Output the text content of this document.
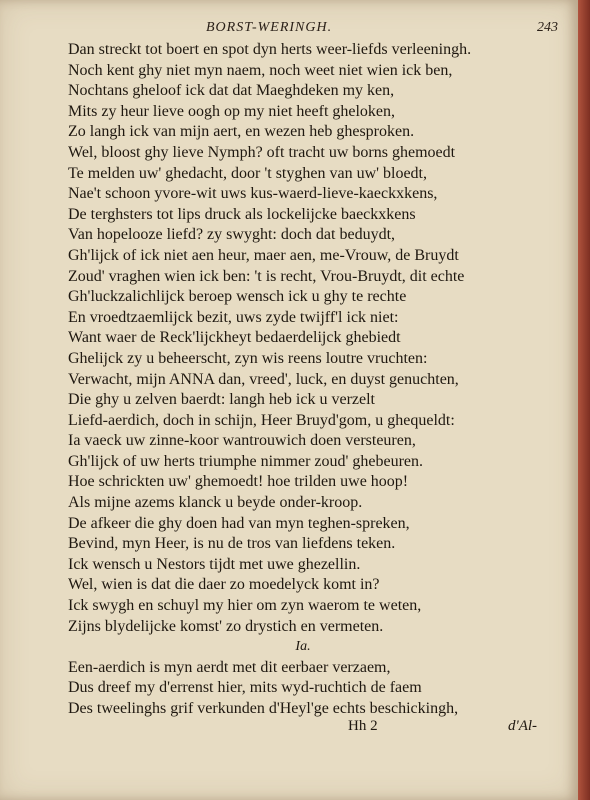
BORST-WERINGH.	243
Dan streckt tot boert en spot dyn herts weer-liefds verleeningh.
Noch kent ghy niet myn naem, noch weet niet wien ick ben,
Nochtans gheloof ick dat dat Maeghdeken my ken,
Mits zy heur lieve oogh op my niet heeft gheloken,
Zo langh ick van mijn aert, en wezen heb ghesproken.
Wel, bloost ghy lieve Nymph? oft tracht uw borns ghemoedt
Te melden uw' ghedacht, door 't styghen van uw' bloedt,
Nae't schoon yvore-wit uws kus-waerd-lieve-kaeckxkens,
De terghsters tot lips druck als lockelijcke baeckxkens
Van hopelooze liefd? zy swyght: doch dat beduydt,
Gh'lijck of ick niet aen heur, maer aen, me-Vrouw, de Bruydt
Zoud' vraghen wien ick ben: 't is recht, Vrou-Bruydt, dit echte
Gh'luckzalichlijck beroep wensch ick u ghy te rechte
En vroedtzaemlijck bezit, uws zyde twijff'l ick niet:
Want waer de Reck'lijckheyt bedaerdelijck ghebiedt
Ghelijck zy u beheerscht, zyn wis reens loutre vruchten:
Verwacht, mijn ANNA dan, vreed', luck, en duyst genuchten,
Die ghy u zelven baerdt: langh heb ick u verzelt
Liefd-aerdich, doch in schijn, Heer Bruyd'gom, u ghequeldt:
Ia vaeck uw zinne-koor wantrouwich doen versteuren,
Gh'lijck of uw herts triumphe nimmer zoud' ghebeuren.
Hoe schrickten uw' ghemoedt! hoe trilden uwe hoop!
Als mijne azems klanck u beyde onder-kroop.
De afkeer die ghy doen had van myn teghen-spreken,
Bevind, myn Heer, is nu de tros van liefdens teken.
Ick wensch u Nestors tijdt met uwe ghezellin.
Wel, wien is dat die daer zo moedelyck komt in?
Ick swygh en schuyl my hier om zyn waerom te weten,
Zijns blydelijcke komst' zo drystich en vermeten.
Ia.
Een-aerdich is myn aerdt met dit eerbaer verzaem,
Dus dreef my d'errenst hier, mits wyd-ruchtich de faem
Des tweelinghs grif verkunden d'Heyl'ge echts beschickingh,
Hh 2	d'Al-
